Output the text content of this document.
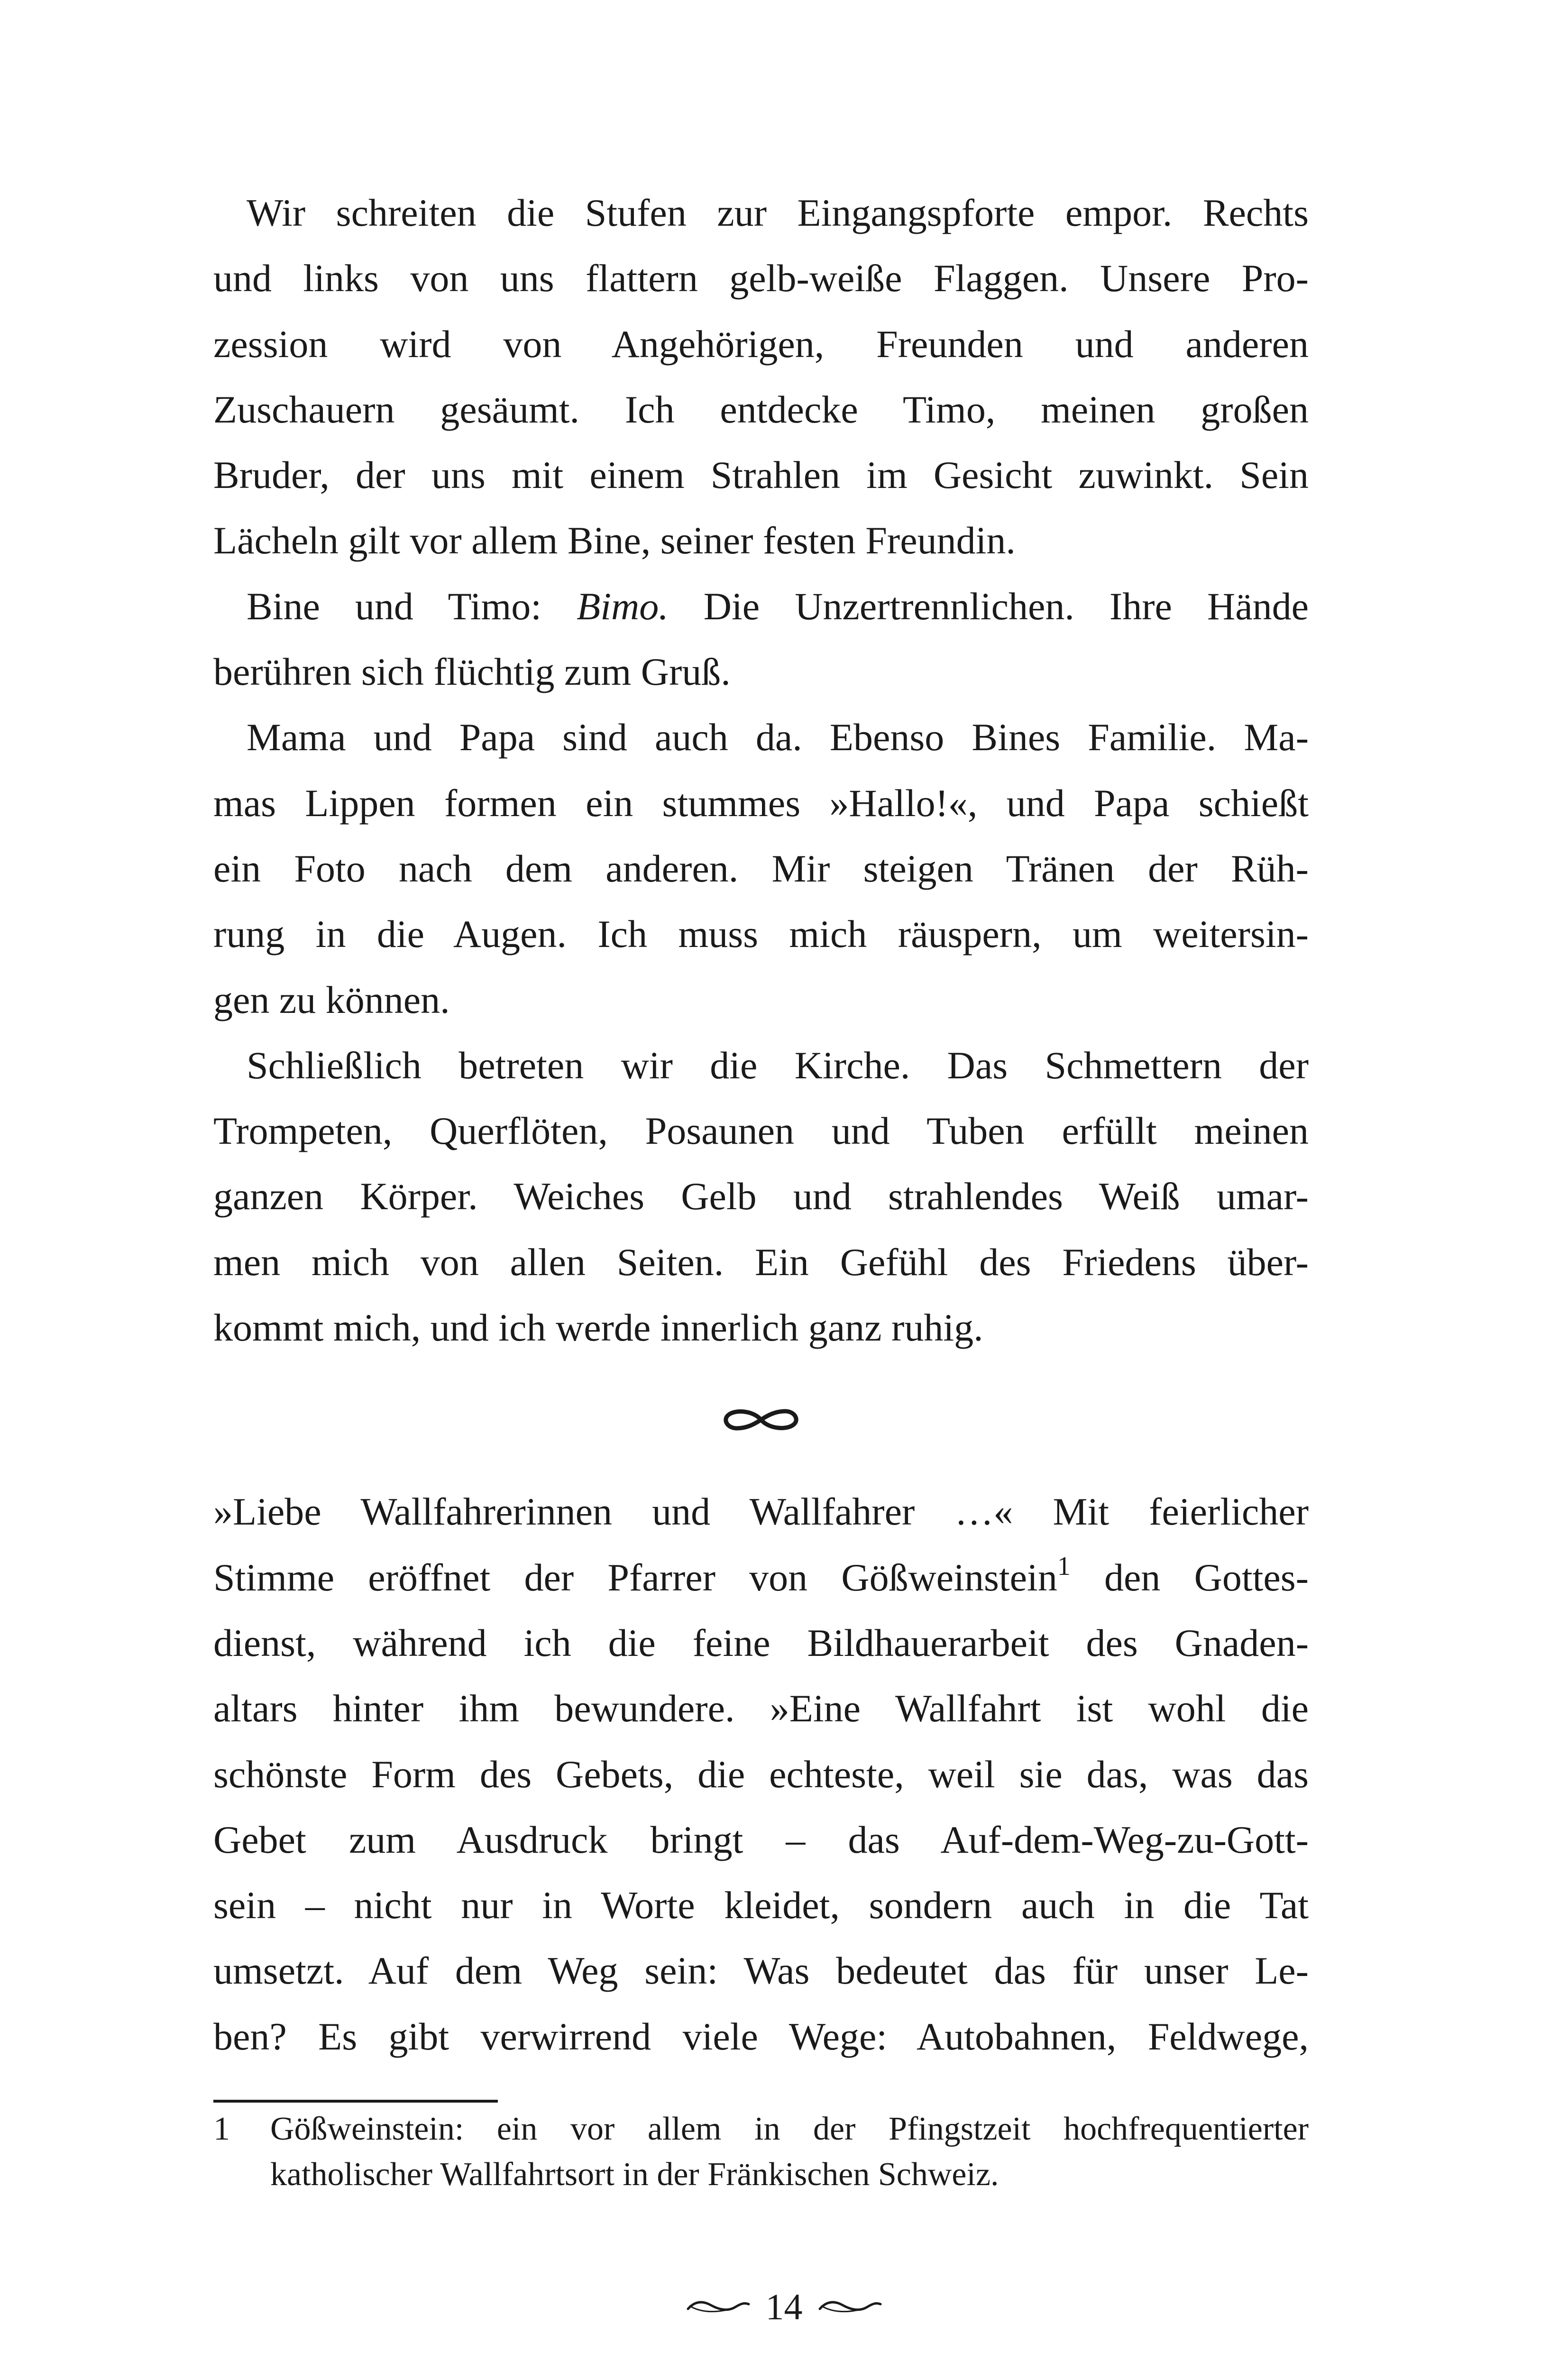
Wir schreiten die Stufen zur Eingangspforte empor. Rechts
und links von uns flattern gelb-weiße Flaggen. Unsere Pro-
zession wird von Angehörigen, Freunden und anderen
Zuschauern gesäumt. Ich entdecke Timo, meinen großen
Bruder, der uns mit einem Strahlen im Gesicht zuwinkt. Sein
Lächeln gilt vor allem Bine, seiner festen Freundin.
Bine und Timo: Bimo. Die Unzertrennlichen. Ihre Hände
berühren sich flüchtig zum Gruß.
Mama und Papa sind auch da. Ebenso Bines Familie. Ma-
mas Lippen formen ein stummes »Hallo!«, und Papa schießt
ein Foto nach dem anderen. Mir steigen Tränen der Rüh-
rung in die Augen. Ich muss mich räuspern, um weitersin-
gen zu können.
Schließlich betreten wir die Kirche. Das Schmettern der
Trompeten, Querflöten, Posaunen und Tuben erfüllt meinen
ganzen Körper. Weiches Gelb und strahlendes Weiß umar-
men mich von allen Seiten. Ein Gefühl des Friedens über-
kommt mich, und ich werde innerlich ganz ruhig.
»Liebe Wallfahrerinnen und Wallfahrer …« Mit feierlicher
Stimme eröffnet der Pfarrer von Gößweinstein$^1$ den Gottes-
dienst, während ich die feine Bildhauerarbeit des Gnaden-
altars hinter ihm bewundere. »Eine Wallfahrt ist wohl die
schönste Form des Gebets, die echteste, weil sie das, was das
Gebet zum Ausdruck bringt – das Auf-dem-Weg-zu-Gott-
sein – nicht nur in Worte kleidet, sondern auch in die Tat
umsetzt. Auf dem Weg sein: Was bedeutet das für unser Le-
ben? Es gibt verwirrend viele Wege: Autobahnen, Feldwege,
1 Gößweinstein: ein vor allem in der Pfingstzeit hochfrequentierter
katholischer Wallfahrtsort in der Fränkischen Schweiz.
14
